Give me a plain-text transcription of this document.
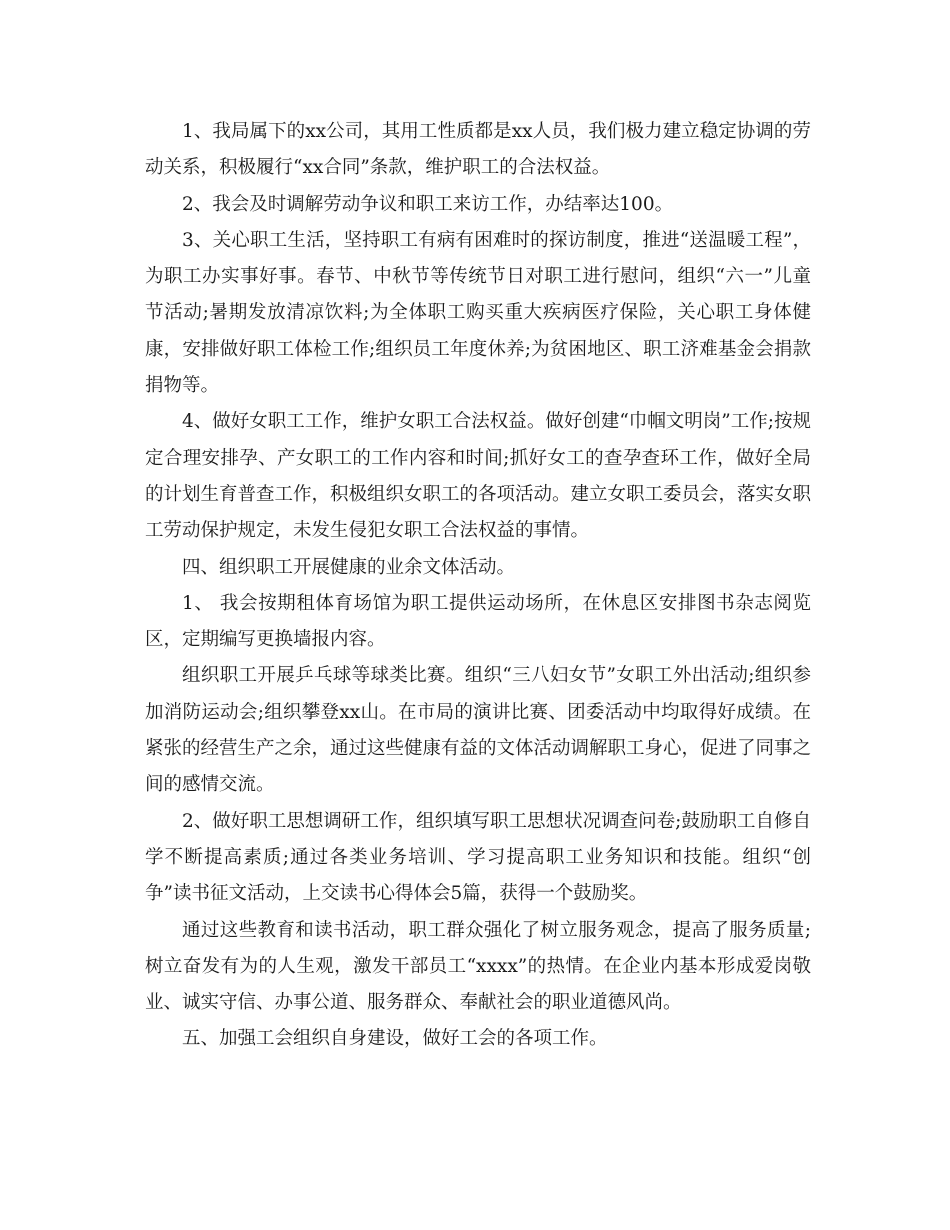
1、我局属下的xx公司，其用工性质都是xx人员，我们极力建立稳定协调的劳动关系，积极履行“xx合同”条款，维护职工的合法权益。

2、我会及时调解劳动争议和职工来访工作，办结率达100。

3、关心职工生活，坚持职工有病有困难时的探访制度，推进“送温暖工程”，为职工办实事好事。春节、中秋节等传统节日对职工进行慰问，组织“六一”儿童节活动;暑期发放清凉饮料;为全体职工购买重大疾病医疗保险，关心职工身体健康，安排做好职工体检工作;组织员工年度休养;为贫困地区、职工济难基金会捐款捐物等。

4、做好女职工工作，维护女职工合法权益。做好创建“巾帼文明岗”工作;按规定合理安排孕、产女职工的工作内容和时间;抓好女工的查孕查环工作，做好全局的计划生育普查工作，积极组织女职工的各项活动。建立女职工委员会，落实女职工劳动保护规定，未发生侵犯女职工合法权益的事情。

四、组织职工开展健康的业余文体活动。

1、 我会按期租体育场馆为职工提供运动场所，在休息区安排图书杂志阅览区，定期编写更换墙报内容。

组织职工开展乒乓球等球类比赛。组织“三八妇女节”女职工外出活动;组织参加消防运动会;组织攀登xx山。在市局的演讲比赛、团委活动中均取得好成绩。在紧张的经营生产之余，通过这些健康有益的文体活动调解职工身心，促进了同事之间的感情交流。

2、做好职工思想调研工作，组织填写职工思想状况调查问卷;鼓励职工自修自学不断提高素质;通过各类业务培训、学习提高职工业务知识和技能。组织“创争”读书征文活动，上交读书心得体会5篇，获得一个鼓励奖。

通过这些教育和读书活动，职工群众强化了树立服务观念，提高了服务质量;树立奋发有为的人生观，激发干部员工“xxxx”的热情。在企业内基本形成爱岗敬业、诚实守信、办事公道、服务群众、奉献社会的职业道德风尚。

五、加强工会组织自身建设，做好工会的各项工作。
